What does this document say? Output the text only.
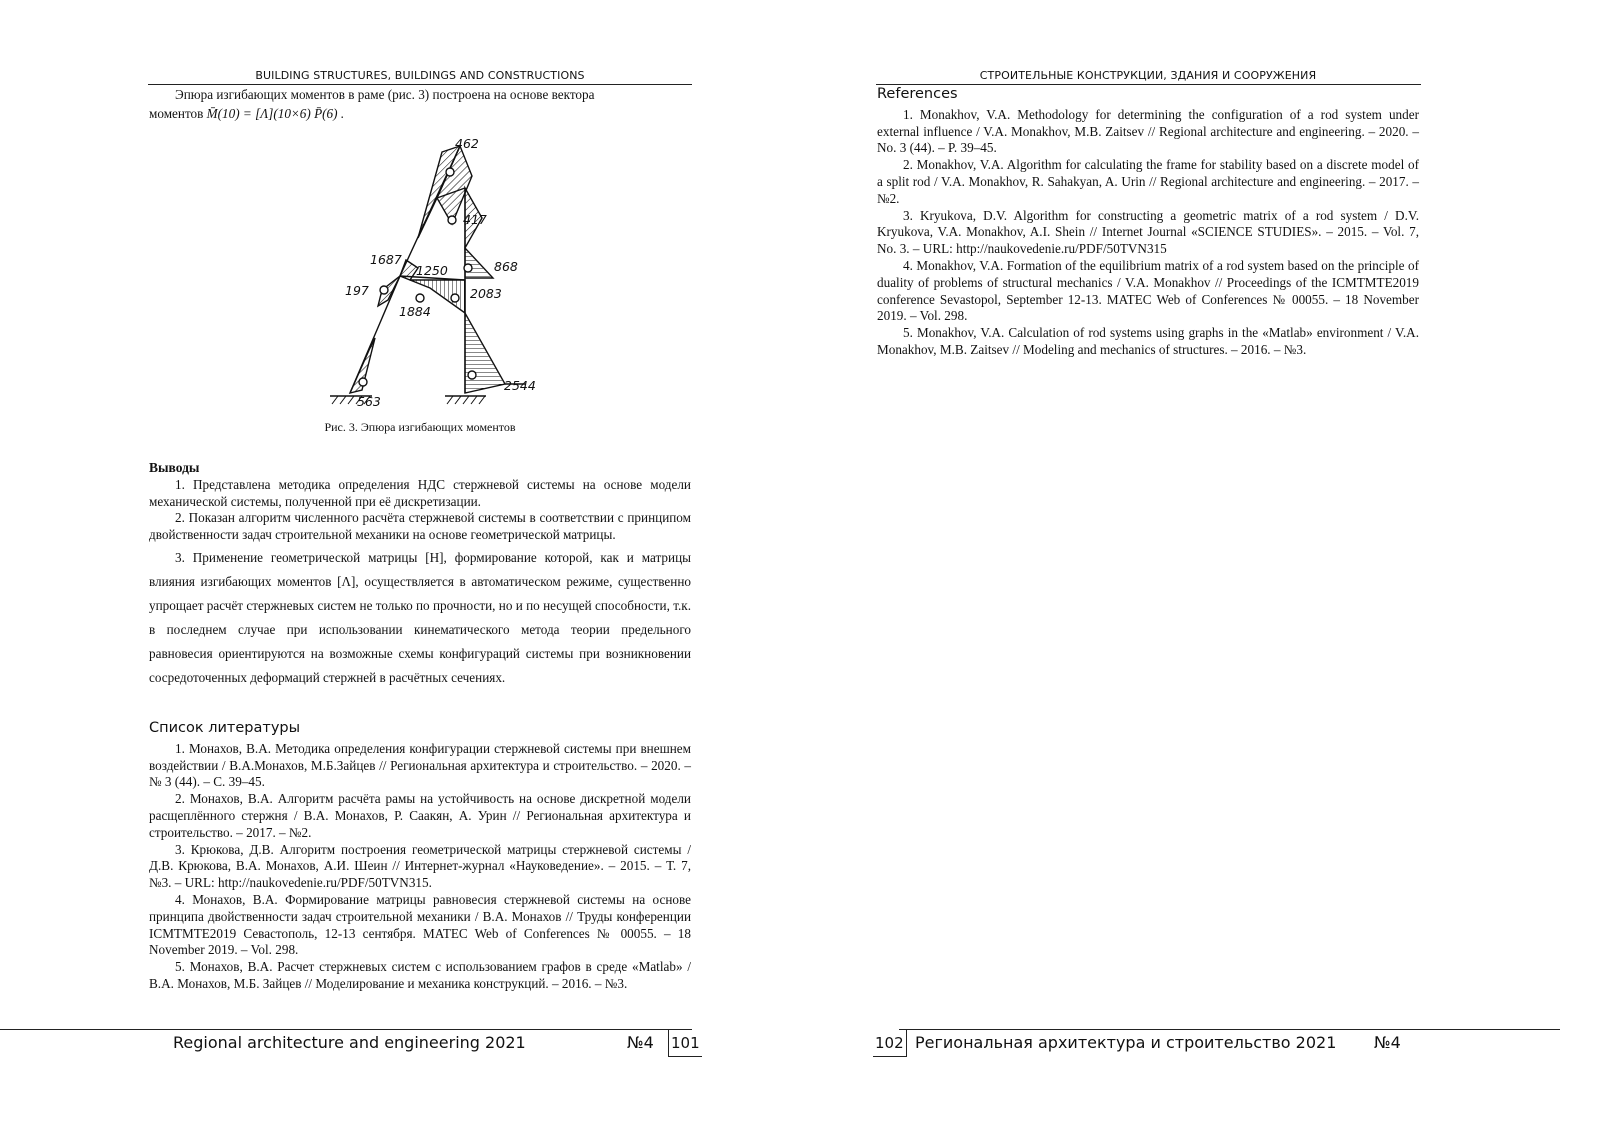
BUILDING STRUCTURES, BUILDINGS AND CONSTRUCTIONS

Эпюра изгибающих моментов в раме (рис. 3) построена на основе вектора

моментов M̄(10) = [Λ](10×6) P̄(6) .

462
417
1687
1250	868
197	2083
1884
2544
563
Рис. 3. Эпюра изгибающих моментов

Выводы

1. Представлена методика определения НДС стержневой системы на основе модели механической системы, полученной при её дискретизации.

2. Показан алгоритм численного расчёта стержневой системы в соответствии с принципом двойственности задач строительной механики на основе геометрической матрицы.

3. Применение геометрической матрицы [H], формирование которой, как и матрицы влияния изгибающих моментов [Λ], осуществляется в автоматическом режиме, существенно упрощает расчёт стержневых систем не только по прочности, но и по несущей способности, т.к. в последнем случае при использовании кинематического метода теории предельного равновесия ориентируются на возможные схемы конфигураций системы при возникновении сосредоточенных деформаций стержней в расчётных сечениях.

Список литературы

1. Монахов, В.А. Методика определения конфигурации стержневой системы при внешнем воздействии / В.А.Монахов, М.Б.Зайцев // Региональная архитектура и строительство. – 2020. – № 3 (44). – С. 39–45.

2. Монахов, В.А. Алгоритм расчёта рамы на устойчивость на основе дискретной модели расщеплённого стержня / В.А. Монахов, Р. Саакян, А. Урин // Региональная архитектура и строительство. – 2017. – №2.

3. Крюкова, Д.В. Алгоритм построения геометрической матрицы стержневой системы / Д.В. Крюкова, В.А. Монахов, А.И. Шеин // Интернет-журнал «Науковедение». – 2015. – Т. 7, №3. – URL: http://naukovedenie.ru/PDF/50TVN315.

4. Монахов, В.А. Формирование матрицы равновесия стержневой системы на основе принципа двойственности задач строительной механики / В.А. Монахов // Труды конференции ICMTMTE2019 Севастополь, 12-13 сентября. MATEC Web of Conferences № 00055. – 18 November 2019. – Vol. 298.

5. Монахов, В.А. Расчет стержневых систем с использованием графов в среде «Matlab» / В.А. Монахов, М.Б. Зайцев // Моделирование и механика конструкций. – 2016. – №3.

Regional architecture and engineering 2021	№4 101
СТРОИТЕЛЬНЫЕ КОНСТРУКЦИИ, ЗДАНИЯ И СООРУЖЕНИЯ

References

1. Monakhov, V.A. Methodology for determining the configuration of a rod system under external influence / V.A. Monakhov, M.B. Zaitsev // Regional architecture and engineering. – 2020. – No. 3 (44). – P. 39–45.

2. Monakhov, V.A. Algorithm for calculating the frame for stability based on a discrete model of a split rod / V.A. Monakhov, R. Sahakyan, A. Urin // Regional architecture and engineering. – 2017. – №2.

3. Kryukova, D.V. Algorithm for constructing a geometric matrix of a rod system / D.V. Kryukova, V.A. Monakhov, A.I. Shein // Internet Journal «SCIENCE STUDIES». – 2015. – Vol. 7, No. 3. – URL: http://naukovedenie.ru/PDF/50TVN315

4. Monakhov, V.A. Formation of the equilibrium matrix of a rod system based on the principle of duality of problems of structural mechanics / V.A. Monakhov // Proceedings of the ICMTMTE2019 conference Sevastopol, September 12-13. MATEC Web of Conferences № 00055. – 18 November 2019. – Vol. 298.

5. Monakhov, V.A. Calculation of rod systems using graphs in the «Matlab» environment / V.A. Monakhov, M.B. Zaitsev // Modeling and mechanics of structures. – 2016. – №3.

102 Региональная архитектура и строительство 2021 №4
